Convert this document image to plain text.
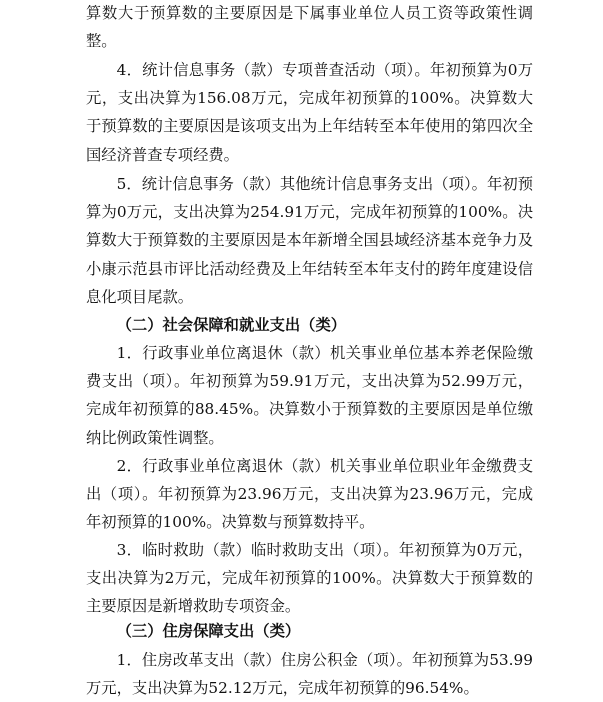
算数大于预算数的主要原因是下属事业单位人员工资等政策性调整。

4．统计信息事务（款）专项普查活动（项）。年初预算为0万元，支出决算为156.08万元，完成年初预算的100%。决算数大于预算数的主要原因是该项支出为上年结转至本年使用的第四次全国经济普查专项经费。

5．统计信息事务（款）其他统计信息事务支出（项）。年初预算为0万元，支出决算为254.91万元，完成年初预算的100%。决算数大于预算数的主要原因是本年新增全国县域经济基本竞争力及小康示范县市评比活动经费及上年结转至本年支付的跨年度建设信息化项目尾款。

（二）社会保障和就业支出（类）

1．行政事业单位离退休（款）机关事业单位基本养老保险缴费支出（项）。年初预算为59.91万元，支出决算为52.99万元，完成年初预算的88.45%。决算数小于预算数的主要原因是单位缴纳比例政策性调整。

2．行政事业单位离退休（款）机关事业单位职业年金缴费支出（项）。年初预算为23.96万元，支出决算为23.96万元，完成年初预算的100%。决算数与预算数持平。

3．临时救助（款）临时救助支出（项）。年初预算为0万元，支出决算为2万元，完成年初预算的100%。决算数大于预算数的主要原因是新增救助专项资金。

（三）住房保障支出（类）

1．住房改革支出（款）住房公积金（项）。年初预算为53.99万元，支出决算为52.12万元，完成年初预算的96.54%。
